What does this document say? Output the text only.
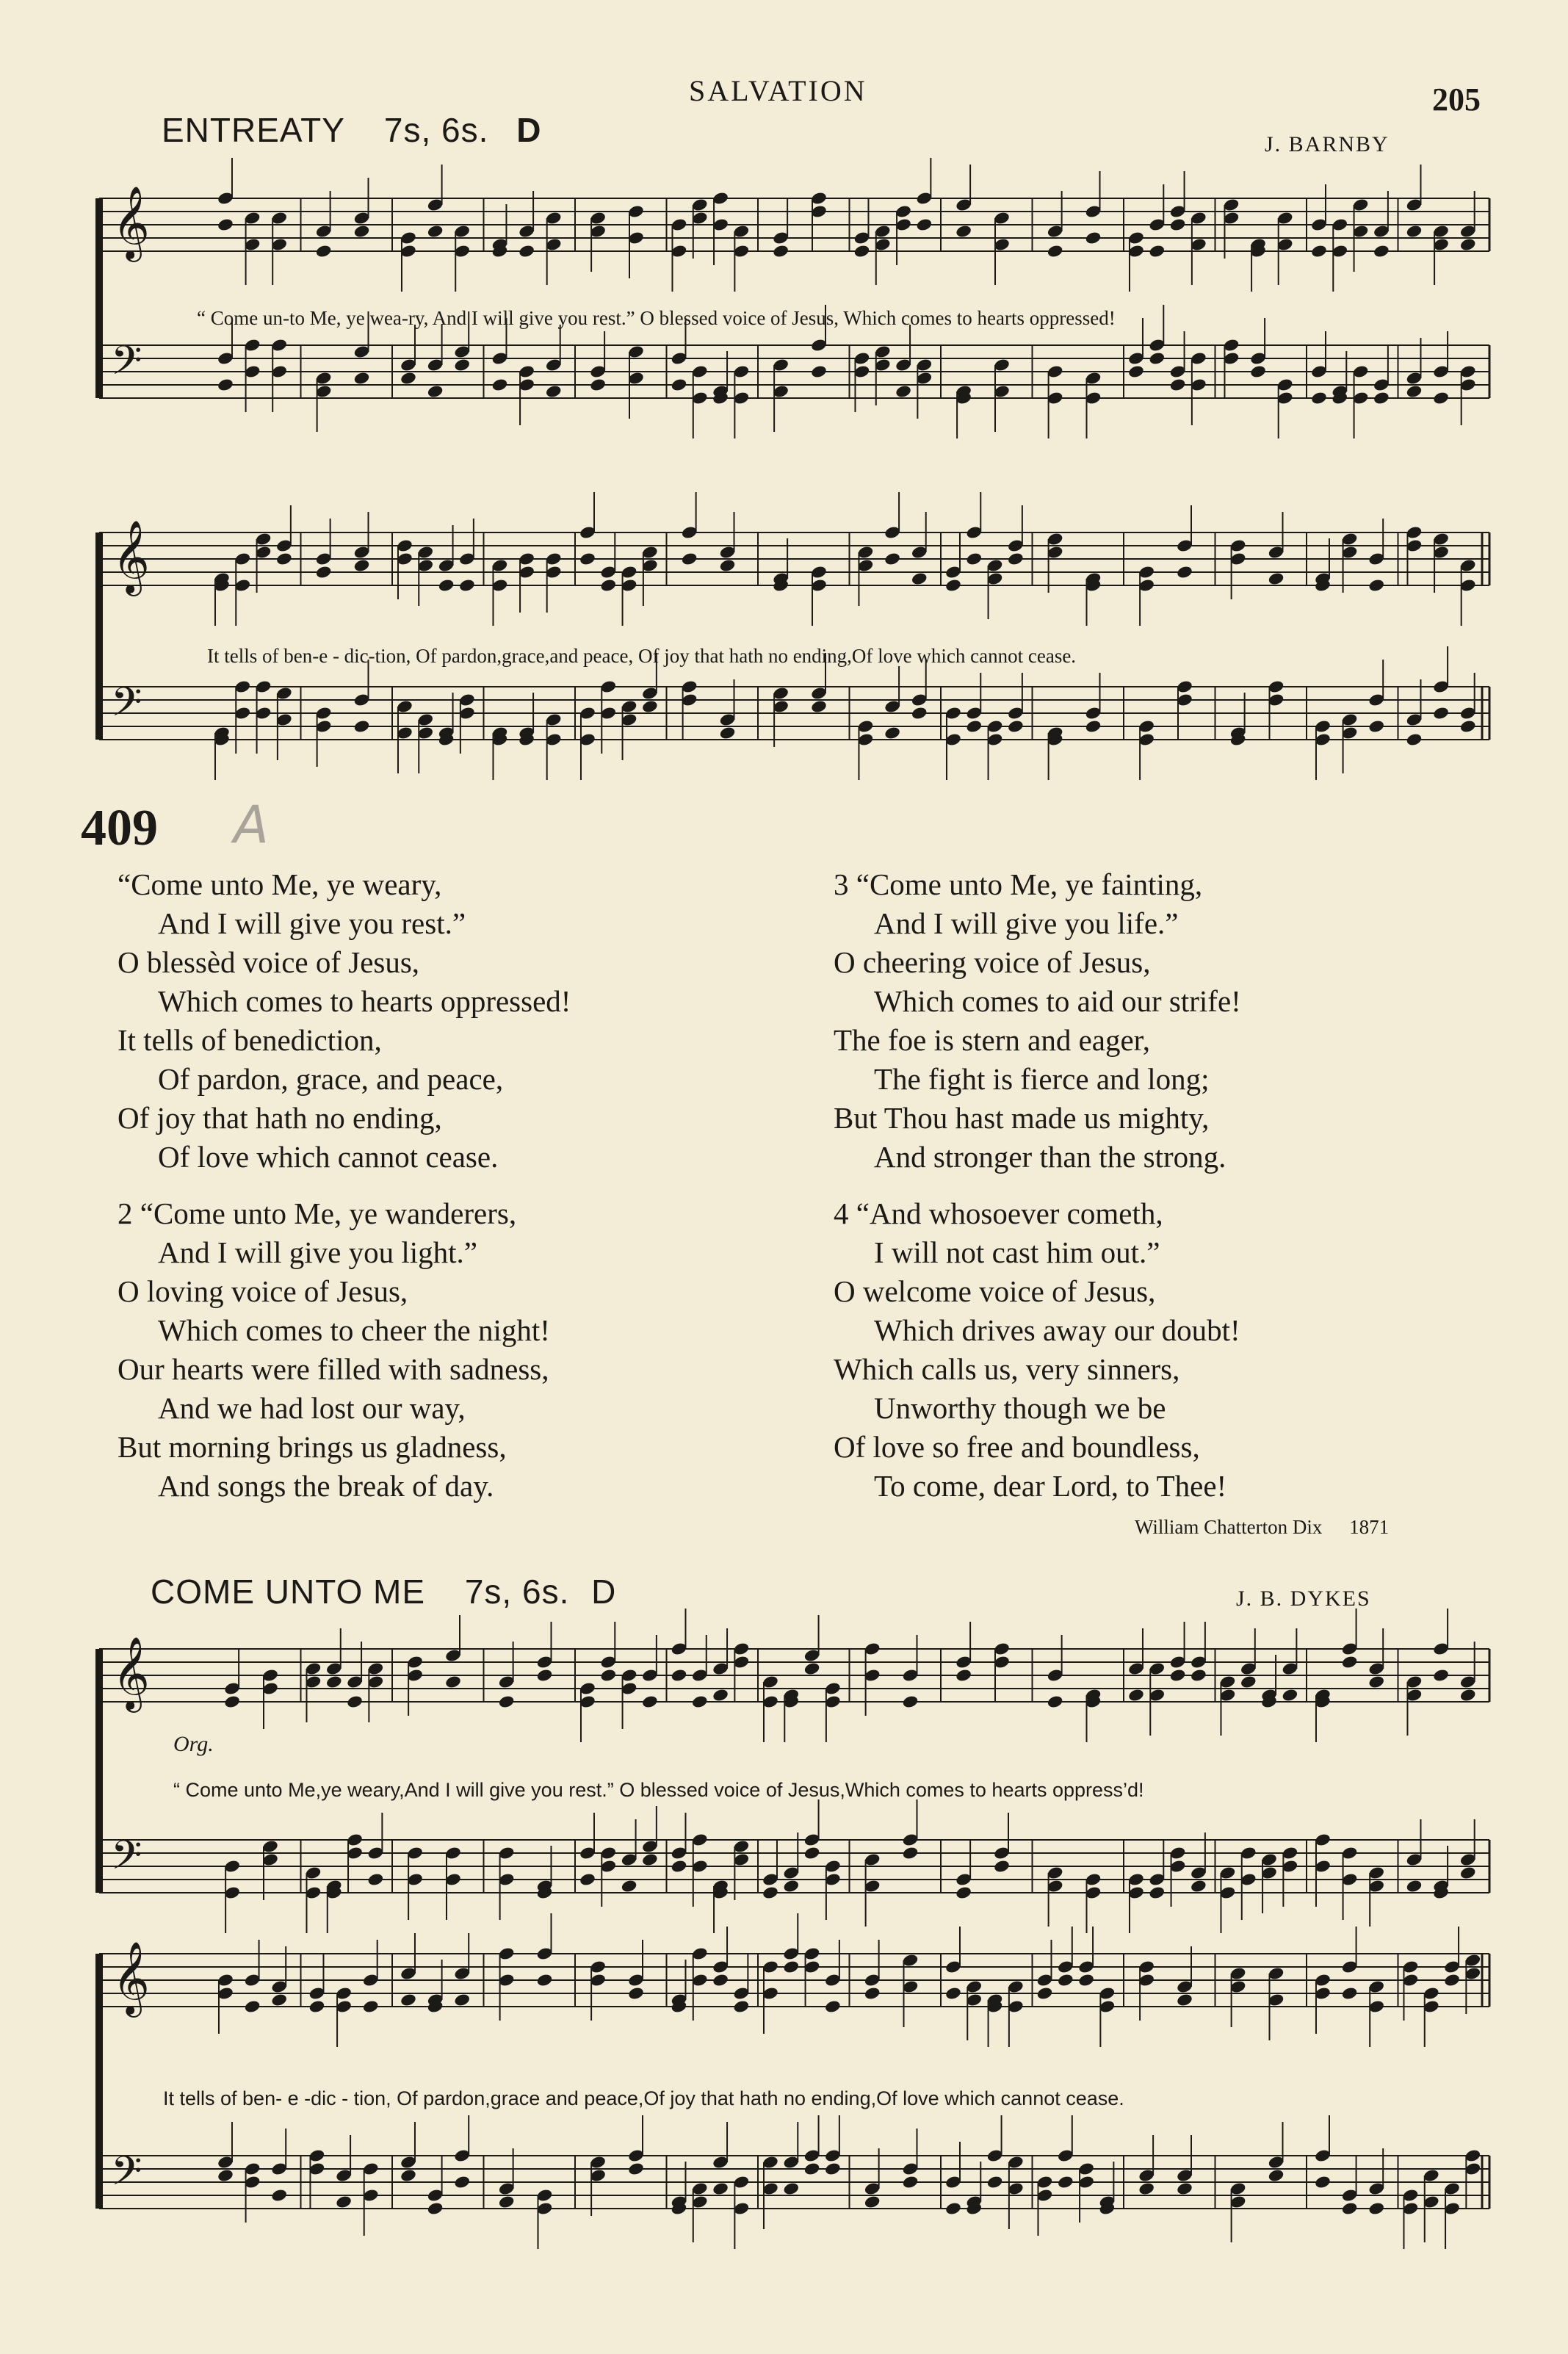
SALVATION	205
ENTREATY 7s, 6s. D	J. BARNBY
𝄞
𝄢
𝄞
𝄢
𝄞
𝄢
𝄞
𝄢
“ Come un-to Me, ye wea-ry, And I will give you rest.” O blessed voice of Jesus, Which comes to hearts oppressed!
It tells of ben-e - dic-tion, Of pardon,grace,and peace, Of joy that hath no ending,Of love which cannot cease.
409 A
“Come unto Me, ye weary,
And I will give you rest.”
O blessèd voice of Jesus,
Which comes to hearts oppressed!
It tells of benediction,
Of pardon, grace, and peace,
Of joy that hath no ending,
Of love which cannot cease.
2 “Come unto Me, ye wanderers,
And I will give you light.”
O loving voice of Jesus,
Which comes to cheer the night!
Our hearts were filled with sadness,
And we had lost our way,
But morning brings us gladness,
And songs the break of day.
3 “Come unto Me, ye fainting,
And I will give you life.”
O cheering voice of Jesus,
Which comes to aid our strife!
The foe is stern and eager,
The fight is fierce and long;
But Thou hast made us mighty,
And stronger than the strong.
4 “And whosoever cometh,
I will not cast him out.”
O welcome voice of Jesus,
Which drives away our doubt!
Which calls us, very sinners,
Unworthy though we be
Of love so free and boundless,
To come, dear Lord, to Thee!
William Chatterton Dix 1871
COME UNTO ME 7s, 6s. D	J. B. DYKES
Org.
“ Come unto Me,ye weary,And I will give you rest.” O blessed voice of Jesus,Which comes to hearts oppress’d!
It tells of ben- e -dic - tion, Of pardon,grace and peace,Of joy that hath no ending,Of love which cannot cease.
